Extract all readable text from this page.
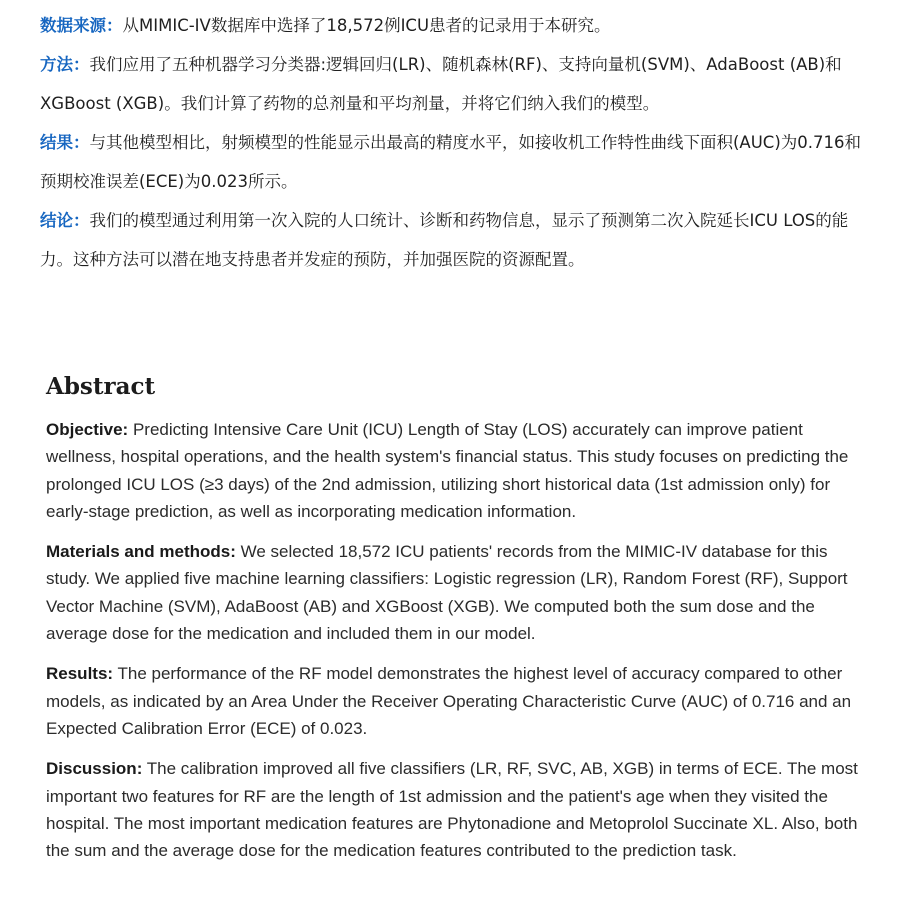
数据来源：从MIMIC-IV数据库中选择了18,572例ICU患者的记录用于本研究。

方法：我们应用了五种机器学习分类器:逻辑回归(LR)、随机森林(RF)、支持向量机(SVM)、AdaBoost (AB)和XGBoost (XGB)。我们计算了药物的总剂量和平均剂量，并将它们纳入我们的模型。

结果：与其他模型相比，射频模型的性能显示出最高的精度水平，如接收机工作特性曲线下面积(AUC)为0.716和预期校准误差(ECE)为0.023所示。

结论：我们的模型通过利用第一次入院的人口统计、诊断和药物信息，显示了预测第二次入院延长ICU LOS的能力。这种方法可以潜在地支持患者并发症的预防，并加强医院的资源配置。

Abstract

Objective: Predicting Intensive Care Unit (ICU) Length of Stay (LOS) accurately can improve patient wellness, hospital operations, and the health system's financial status. This study focuses on predicting the prolonged ICU LOS (≥3 days) of the 2nd admission, utilizing short historical data (1st admission only) for early-stage prediction, as well as incorporating medication information.

Materials and methods: We selected 18,572 ICU patients' records from the MIMIC-IV database for this study. We applied five machine learning classifiers: Logistic regression (LR), Random Forest (RF), Support Vector Machine (SVM), AdaBoost (AB) and XGBoost (XGB). We computed both the sum dose and the average dose for the medication and included them in our model.

Results: The performance of the RF model demonstrates the highest level of accuracy compared to other models, as indicated by an Area Under the Receiver Operating Characteristic Curve (AUC) of 0.716 and an Expected Calibration Error (ECE) of 0.023.

Discussion: The calibration improved all five classifiers (LR, RF, SVC, AB, XGB) in terms of ECE. The most important two features for RF are the length of 1st admission and the patient's age when they visited the hospital. The most important medication features are Phytonadione and Metoprolol Succinate XL. Also, both the sum and the average dose for the medication features contributed to the prediction task.
